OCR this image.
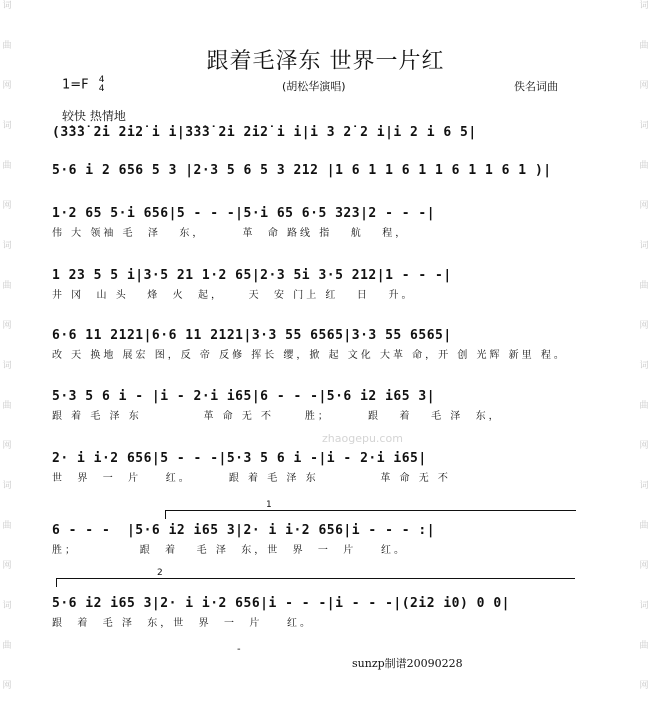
词
曲
网
词
曲
网
词
曲
网
词
曲
网
词
曲
网
词
曲
网
词
曲
网
词
曲
网
词
曲
网
词
曲
网
词
曲
网
词
曲
网
跟着毛泽东 世界一片红
1=F 4
4	(胡松华演唱)	佚名词曲
较快 热情地
(3̇3̇3̇ 2̇i 2̇i2̇ i i|3̇3̇3̇ 2̇i 2̇i2̇ i i|i 3 2̇ 2 i|i 2 i 6 5|
5·6 i 2 656 5 3 |2·3 5 6 5 3 212 |1 6 1 1 6 1 1 6 1 1 6 1 )|
1·2 65 5·i 656|5 - - -|5·i 65 6·5 323|2 - - -|
伟 大 领袖 毛  泽   东，      革  命 路线 指   航   程，
1 23 5 5 i|3·5 21 1·2 65|2·3 5i 3·5 212|1 - - -|
井 冈  山 头   烽  火  起，    天  安 门上 红   日   升。
6·6 11 2121|6·6 11 2121|3·3 55 6565|3·3 55 6565|
改 天 换地 展宏 图，反 帝 反修 挥长 缨，掀 起 文化 大革 命，开 创 光辉 新里 程。
5·3 5 6 i - |i - 2·i i65|6 - - -|5·6 i2 i65 3|
跟 着 毛 泽 东          革 命 无 不     胜；      跟   着   毛 泽  东，
2· i i·2 656|5 - - -|5·3 5 6 i -|i - 2·i i65|
世  界  一  片    红。      跟 着 毛 泽 东          革 命 无 不
1
6 - - -  |5·6 i2 i65 3|2· i i·2 656|i - - - :|
胜；          跟  着   毛 泽  东，世  界  一  片    红。
2
5·6 i2 i65 3|2· i i·2 656|i - - -|i - - -|(2i2 i0) 0 0|
跟  着  毛 泽  东，世  界  一  片    红。
zhaogepu.com
-
sunzp制谱20090228
